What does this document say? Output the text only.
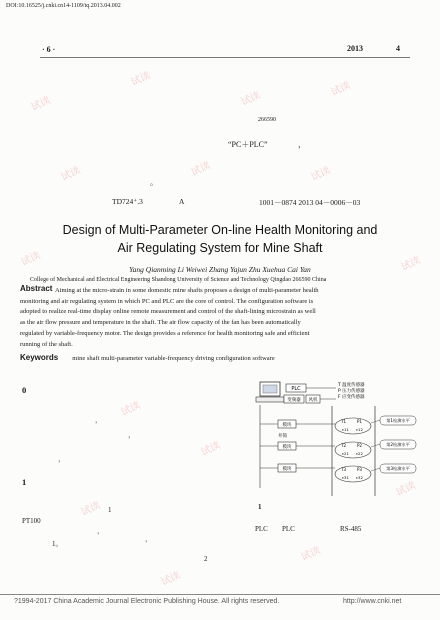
DOI:10.16525/j.cnki.cn14-1109/tq.2013.04.002
· 6 ·	2013	4
266590
“PC＋PLC”	，
。
TD724⁺.3	A	1001－0874 2013 04－0006－03
Design of Multi-Parameter On-line Health Monitoring and
Air Regulating System for Mine Shaft
Yang Qianming Li Weiwei Zhang Yajun Zhu Xuehua Cai Yan
College of Mechanical and Electrical Engineering Shandong University of Science and Technology Qingdao 266590 China
Abstract Aiming at the micro-strain in some domestic mine shafts proposes a design of multi-parameter health

monitoring and air regulating system in which PC and PLC are the core of control. The configuration software is

adopted to realize real-time display online remote measurement and control of the shaft-lining microstrain as well

as the air flow pressure and temperature in the shaft. The air flow capacity of the fan has been automatically

regulated by variable-frequency motor. The design provides a reference for health monitoring safe and efficient

running of the shaft.

Keywords mine shaft multi-parameter variable-frequency driving configuration software
0
，
，
，
1
1
PT100
，
，
1。
2
1
PLC PLC	RS-485
PLC
变频器 风机
T 温度传感器
P 压力传感器
F 应变传感器
模块
模块
模块
井筒
T1	P1
T2	P2
T3	P3
ε11 ε12
ε21 ε22
ε31 ε32
第1检测水平
第2检测水平
第3检测水平
试读
试读
试读
试读
试读	试读	试读
试读	试读
试读
试读
试读
试读
试读
试读
?1994-2017 China Academic Journal Electronic Publishing House. All rights reserved.	http://www.cnki.net
